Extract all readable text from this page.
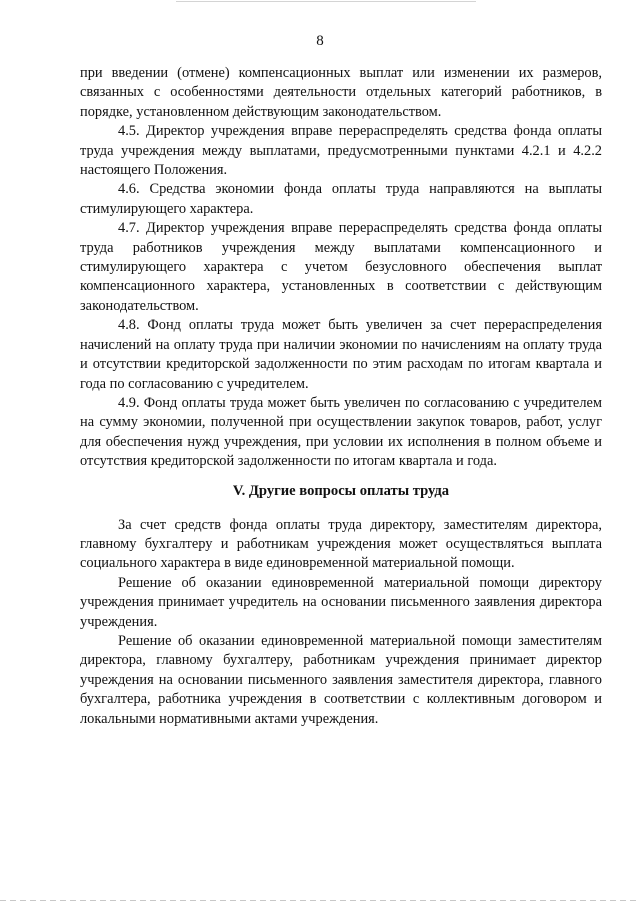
8

при введении (отмене) компенсационных выплат или изменении их размеров, связанных с особенностями деятельности отдельных категорий работников, в порядке, установленном действующим законодательством.

4.5. Директор учреждения вправе перераспределять средства фонда оплаты труда учреждения между выплатами, предусмотренными пунктами 4.2.1 и 4.2.2 настоящего Положения.

4.6. Средства экономии фонда оплаты труда направляются на выплаты стимулирующего характера.

4.7. Директор учреждения вправе перераспределять средства фонда оплаты труда работников учреждения между выплатами компенсационного и стимулирующего характера с учетом безусловного обеспечения выплат компенсационного характера, установленных в соответствии с действующим законодательством.

4.8. Фонд оплаты труда может быть увеличен за счет перераспределения начислений на оплату труда при наличии экономии по начислениям на оплату труда и отсутствии кредиторской задолженности по этим расходам по итогам квартала и года по согласованию с учредителем.

4.9. Фонд оплаты труда может быть увеличен по согласованию с учредителем на сумму экономии, полученной при осуществлении закупок товаров, работ, услуг для обеспечения нужд учреждения, при условии их исполнения в полном объеме и отсутствия кредиторской задолженности по итогам квартала и года.

V. Другие вопросы оплаты труда

За счет средств фонда оплаты труда директору, заместителям директора, главному бухгалтеру и работникам учреждения может осуществляться выплата социального характера в виде единовременной материальной помощи.

Решение об оказании единовременной материальной помощи директору учреждения принимает учредитель на основании письменного заявления директора учреждения.

Решение об оказании единовременной материальной помощи заместителям директора, главному бухгалтеру, работникам учреждения принимает директор учреждения на основании письменного заявления заместителя директора, главного бухгалтера, работника учреждения в соответствии с коллективным договором и локальными нормативными актами учреждения.
